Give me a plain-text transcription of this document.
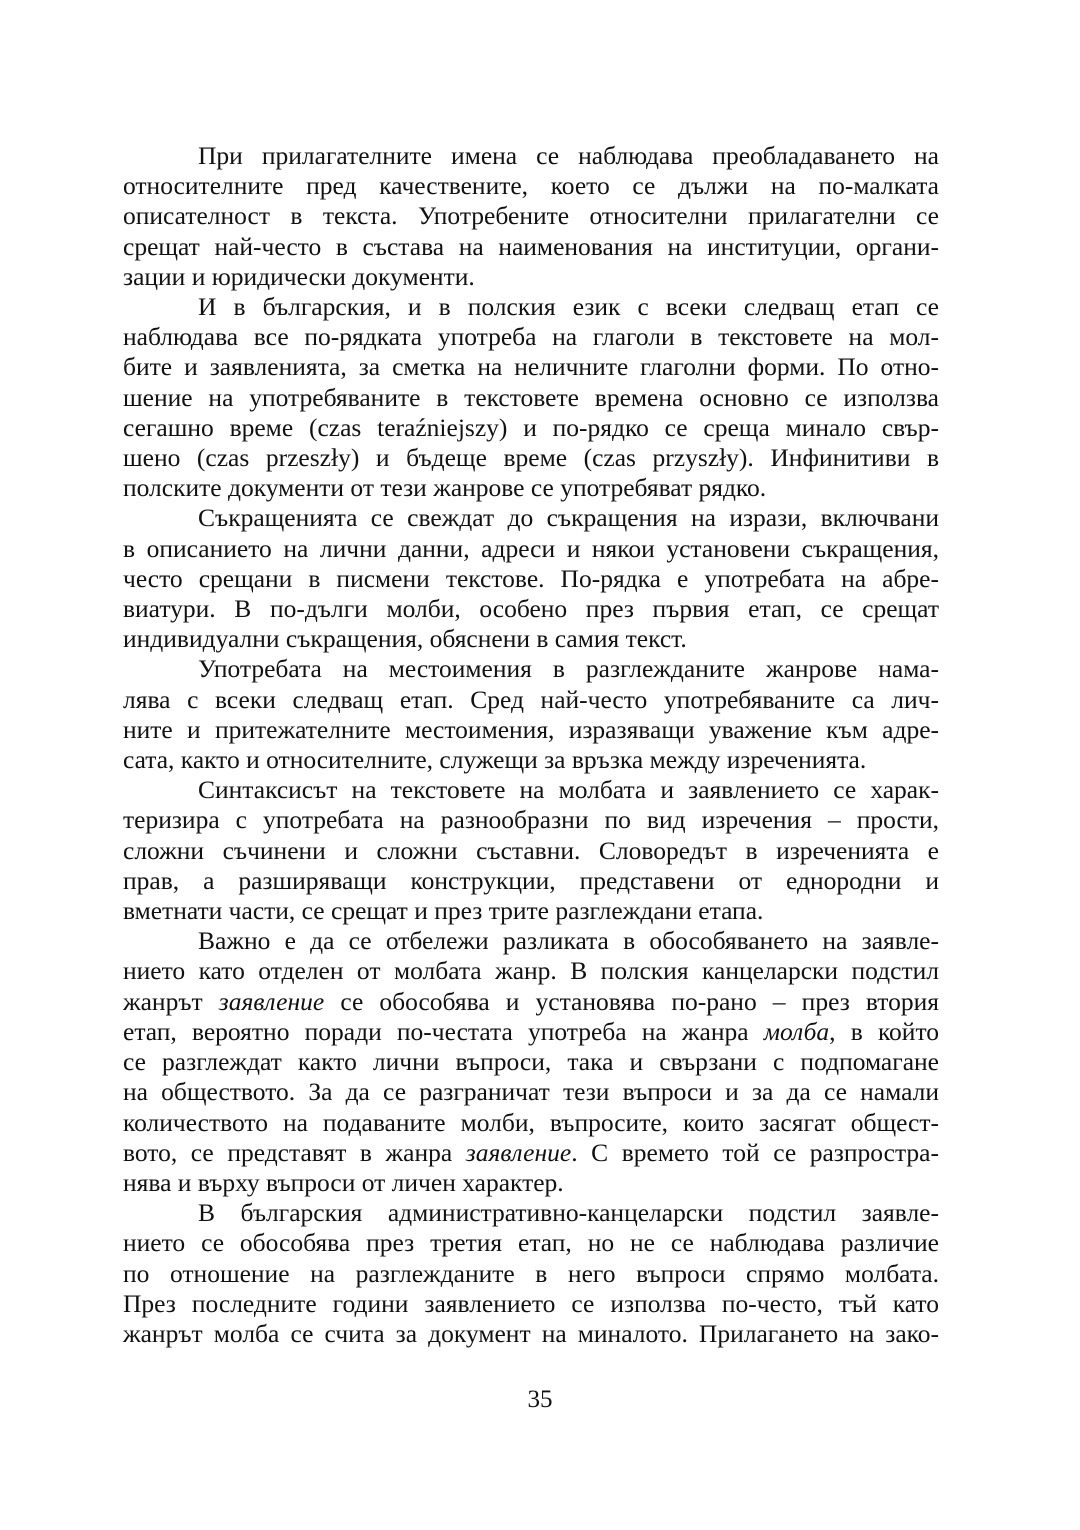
При прилагателните имена се наблюдава преобладаването на
относителните пред качествените, което се дължи на по-малката
описателност в текста. Употребените относителни прилагателни се
срещат най-често в състава на наименования на институции, органи-
зации и юридически документи.
И в българския, и в полския език с всеки следващ етап се
наблюдава все по-рядката употреба на глаголи в текстовете на мол-
бите и заявленията, за сметка на неличните глаголни форми. По отно-
шение на употребяваните в текстовете времена основно се използва
сегашно време (czas teraźniejszy) и по-рядко се среща минало свър-
шено (czas przeszły) и бъдеще време (czas przyszły). Инфинитиви в
полските документи от тези жанрове се употребяват рядко.
Съкращенията се свеждат до съкращения на изрази, включвани
в описанието на лични данни, адреси и някои установени съкращения,
често срещани в писмени текстове. По-рядка е употребата на абре-
виатури. В по-дълги молби, особено през първия етап, се срещат
индивидуални съкращения, обяснени в самия текст.
Употребата на местоимения в разглежданите жанрове нама-
лява с всеки следващ етап. Сред най-често употребяваните са лич-
ните и притежателните местоимения, изразяващи уважение към адре-
сата, както и относителните, служещи за връзка между изреченията.
Синтаксисът на текстовете на молбата и заявлението се харак-
теризира с употребата на разнообразни по вид изречения – прости,
сложни съчинени и сложни съставни. Словоредът в изреченията е
прав, а разширяващи конструкции, представени от еднородни и
вметнати части, се срещат и през трите разглеждани етапа.
Важно е да се отбележи разликата в обособяването на заявле-
нието като отделен от молбата жанр. В полския канцеларски подстил
жанрът заявление се обособява и установява по-рано – през втория
етап, вероятно поради по-честата употреба на жанра молба, в който
се разглеждат както лични въпроси, така и свързани с подпомагане
на обществото. За да се разграничат тези въпроси и за да се намали
количеството на подаваните молби, въпросите, които засягат общест-
вото, се представят в жанра заявление. С времето той се разпростра-
нява и върху въпроси от личен характер.
В българския административно-канцеларски подстил заявле-
нието се обособява през третия етап, но не се наблюдава различие
по отношение на разглежданите в него въпроси спрямо молбата.
През последните години заявлението се използва по-често, тъй като
жанрът молба се счита за документ на миналото. Прилагането на зако-
35
